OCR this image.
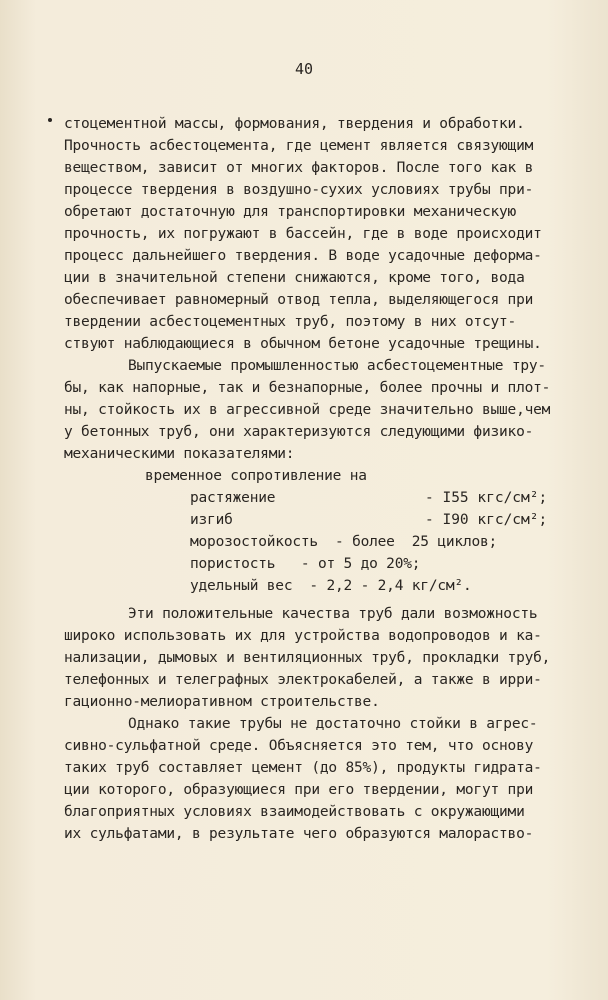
40
стоцементной массы, формования, твердения и обработки.
Прочность асбестоцемента, где цемент является связующим
веществом, зависит от многих факторов. После того как в
процессе твердения в воздушно-сухих условиях трубы при-
обретают достаточную для транспортировки механическую
прочность, их погружают в бассейн, где в воде происходит
процесс дальнейшего твердения. В воде усадочные деформа-
ции в значительной степени снижаются, кроме того, вода
обеспечивает равномерный отвод тепла, выделяющегося при
твердении асбестоцементных труб, поэтому в них отсут-
ствуют наблюдающиеся в обычном бетоне усадочные трещины.
Выпускаемые промышленностью асбестоцементные тру-
бы, как напорные, так и безнапорные, более прочны и плот-
ны, стойкость их в агрессивной среде значительно выше,чем
у бетонных труб, они характеризуются следующими физико-
механическими показателями:
временное сопротивление на
растяжение	- I55 кгс/см²;
изгиб	- I90 кгс/см²;
морозостойкость  - более  25 циклов;
пористость   - от 5 до 20%;
удельный вес  - 2,2 - 2,4 кг/см².
Эти положительные качества труб дали возможность
широко использовать их для устройства водопроводов и ка-
нализации, дымовых и вентиляционных труб, прокладки труб,
телефонных и телеграфных электрокабелей, а также в ирри-
гационно-мелиоративном строительстве.
Однако такие трубы не достаточно стойки в агрес-
сивно-сульфатной среде. Объясняется это тем, что основу
таких труб составляет цемент (до 85%), продукты гидрата-
ции которого, образующиеся при его твердении, могут при
благоприятных условиях взаимодействовать с окружающими
их сульфатами, в результате чего образуются малораство-
